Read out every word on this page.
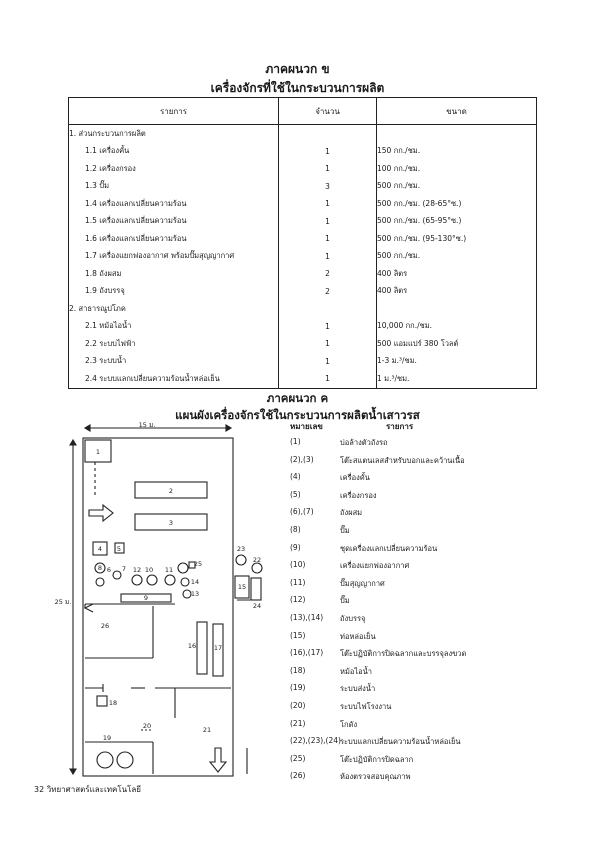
ภาคผนวก ข
เครื่องจักรที่ใช้ในกระบวนการผลิต
รายการ	จำนวน	ขนาด
1. ส่วนกระบวนการผลิต		
1.1 เครื่องคั้น	1	150 กก./ชม.
1.2 เครื่องกรอง	1	100 กก./ชม.
1.3 ปั๊ม	3	500 กก./ชม.
1.4 เครื่องแลกเปลี่ยนความร้อน	1	500 กก./ชม. (28-65°ซ.)
1.5 เครื่องแลกเปลี่ยนความร้อน	1	500 กก./ชม. (65-95°ซ.)
1.6 เครื่องแลกเปลี่ยนความร้อน	1	500 กก./ชม. (95-130°ซ.)
1.7 เครื่องแยกฟองอากาศ พร้อมปั๊มสุญญากาศ	1	500 กก./ชม.
1.8 ถังผสม	2	400 ลิตร
1.9 ถังบรรจุ	2	400 ลิตร
2. สาธารณูปโภค		
2.1 หม้อไอน้ำ	1	10,000 กก./ชม.
2.2 ระบบไฟฟ้า	1	500 แอมแปร์ 380 โวลต์
2.3 ระบบน้ำ	1	1-3 ม.³/ชม.
2.4 ระบบแลกเปลี่ยนความร้อนน้ำหล่อเย็น	1	1 ม.³/ชม.
ภาคผนวก ค
แผนผังเครื่องจักรใช้ในกระบวนการผลิตน้ำเสาวรส
15 ม.
25 ม.
1
2
3
4 5
6 7
8
9
10 11
12
13
14
15
16	17
18
19
20	21
22
23
24
25
26
หมายเลข	รายการ
(1)	บ่อล้างตัวถังรถ
(2),(3)	โต๊ะสแตนเลสสำหรับบอกและคว้านเนื้อ
(4)	เครื่องคั้น
(5)	เครื่องกรอง
(6),(7)	ถังผสม
(8)	ปั๊ม
(9)	ชุดเครื่องแลกเปลี่ยนความร้อน
(10)	เครื่องแยกฟองอากาศ
(11)	ปั๊มสุญญากาศ
(12)	ปั๊ม
(13),(14)	ถังบรรจุ
(15)	ท่อหล่อเย็น
(16),(17)	โต๊ะปฏิบัติการปิดฉลากและบรรจุลงขวด
(18)	หม้อไอน้ำ
(19)	ระบบส่งน้ำ
(20)	ระบบไฟโรงงาน
(21)	โกดัง
(22),(23),(24) ระบบแลกเปลี่ยนความร้อนน้ำหล่อเย็น
(25)	โต๊ะปฏิบัติการปิดฉลาก
(26)	ห้องตรวจสอบคุณภาพ
32 วิทยาศาสตร์และเทคโนโลยี
